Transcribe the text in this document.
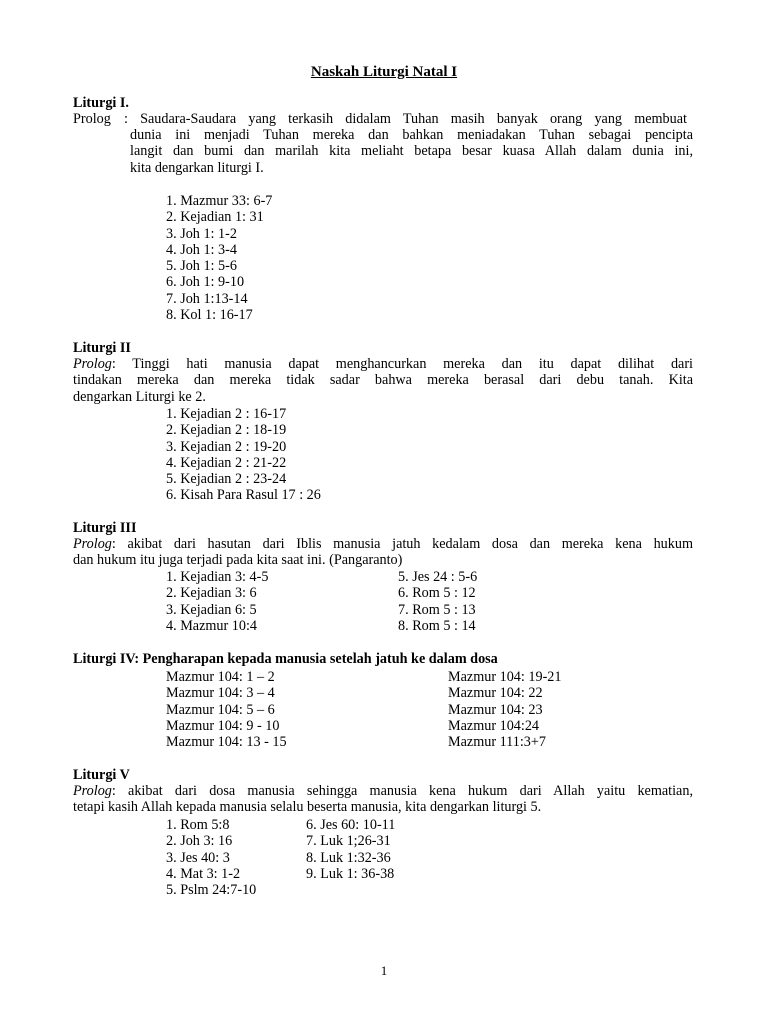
Naskah Liturgi Natal I
Liturgi I.
Prolog : Saudara-Saudara yang terkasih didalam Tuhan masih banyak orang yang membuat
dunia ini menjadi Tuhan mereka dan bahkan meniadakan Tuhan sebagai pencipta
langit dan bumi dan marilah kita meliaht betapa besar kuasa Allah dalam dunia ini,
kita dengarkan liturgi I.
1. Mazmur 33: 6-7
2. Kejadian 1: 31
3. Joh 1: 1-2
4. Joh 1: 3-4
5. Joh 1: 5-6
6. Joh 1: 9-10
7. Joh 1:13-14
8. Kol 1: 16-17
Liturgi II
Prolog: Tinggi hati manusia dapat menghancurkan mereka dan itu dapat dilihat dari
tindakan mereka dan mereka tidak sadar bahwa mereka berasal dari debu tanah. Kita
dengarkan Liturgi ke 2.
1. Kejadian 2 : 16-17
2. Kejadian 2 : 18-19
3. Kejadian 2 : 19-20
4. Kejadian 2 : 21-22
5. Kejadian 2 : 23-24
6. Kisah Para Rasul 17 : 26
Liturgi III
Prolog: akibat dari hasutan dari Iblis manusia jatuh kedalam dosa dan mereka kena hukum
dan hukum itu juga terjadi pada kita saat ini. (Pangaranto)
1. Kejadian 3: 4-5
2. Kejadian 3: 6
3. Kejadian 6: 5
4. Mazmur 10:4
5. Jes 24 : 5-6
6. Rom 5 : 12
7. Rom 5 : 13
8. Rom 5 : 14
Liturgi IV: Pengharapan kepada manusia setelah jatuh ke dalam dosa
Mazmur 104: 1 – 2
Mazmur 104: 3 – 4
Mazmur 104: 5 – 6
Mazmur 104: 9 - 10
Mazmur 104: 13 - 15
Mazmur 104: 19-21
Mazmur 104: 22
Mazmur 104: 23
Mazmur 104:24
Mazmur 111:3+7
Liturgi V
Prolog: akibat dari dosa manusia sehingga manusia kena hukum dari Allah yaitu kematian,
tetapi kasih Allah kepada manusia selalu beserta manusia, kita dengarkan liturgi 5.
1. Rom 5:8
2. Joh 3: 16
3. Jes 40: 3
4. Mat 3: 1-2
5. Pslm 24:7-10
6. Jes 60: 10-11
7. Luk 1;26-31
8. Luk 1:32-36
9. Luk 1: 36-38
1
